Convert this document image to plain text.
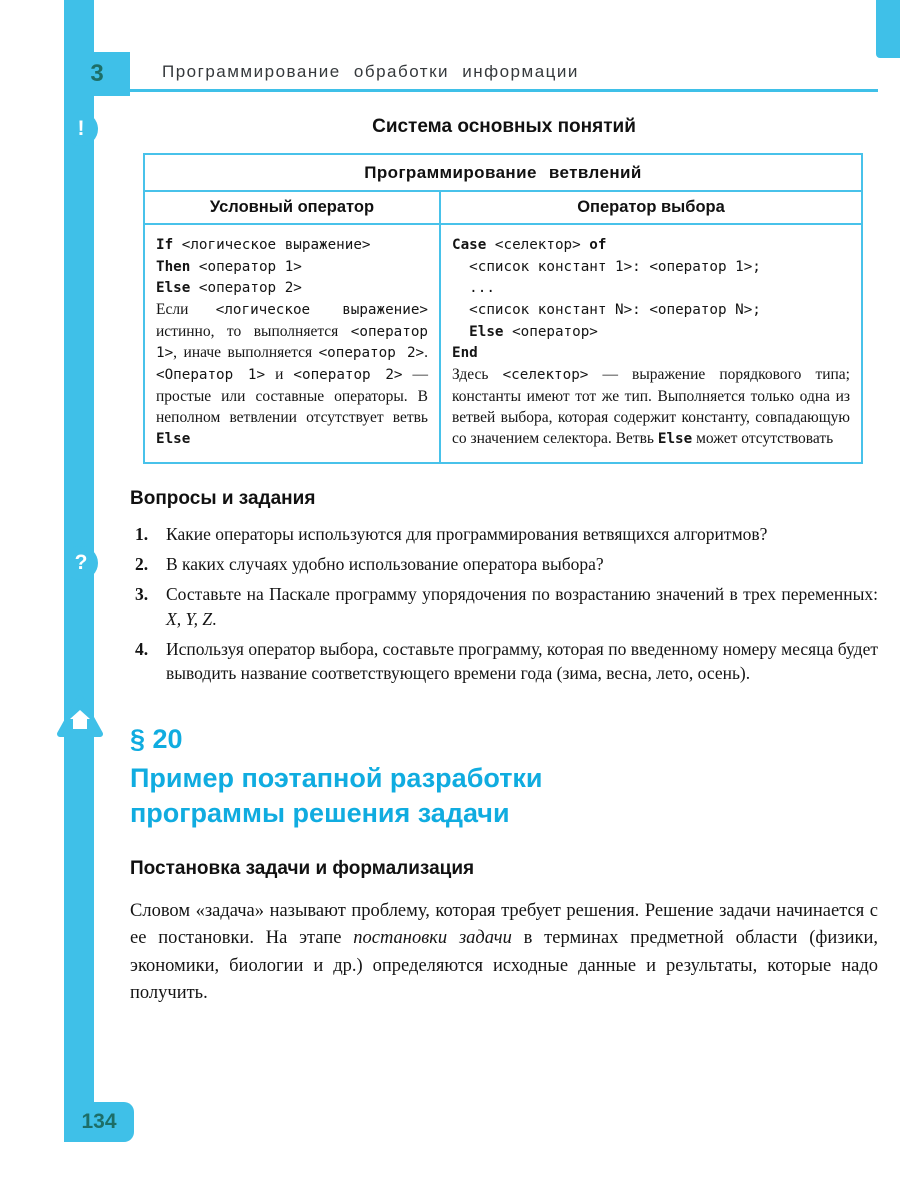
3	Программирование обработки информации
!
?
134
Система основных понятий
Программирование ветвлений	
Условный оператор	Оператор выбора
If <логическое выражение>
Then <оператор 1>
Else <оператор 2>
Если <логическое выражение> истинно, то выполняется <оператор 1>, иначе выполняется <оператор 2>. <Оператор 1> и <оператор 2> — простые или составные операторы. В неполном ветвлении отсутствует ветвь Else	Case <селектор> of
<список констант 1>: <оператор 1>;
...
<список констант N>: <оператор N>;
Else <оператор>
End
Здесь <селектор> — выражение порядкового типа; константы имеют тот же тип. Выполняется только одна из ветвей выбора, которая содержит константу, совпадающую со значением селектора. Ветвь Else может отсутствовать
Вопросы и задания
1. Какие операторы используются для программирования ветвящихся алгоритмов?
2. В каких случаях удобно использование оператора выбора?
3. Составьте на Паскале программу упорядочения по возрастанию значений в трех переменных: X, Y, Z.
4. Используя оператор выбора, составьте программу, которая по введенному номеру месяца будет выводить название соответствующего времени года (зима, весна, лето, осень).
§ 20
Пример поэтапной разработки
программы решения задачи
Постановка задачи и формализация

Словом «задача» называют проблему, которая требует решения. Решение задачи начинается с ее постановки. На этапе постановки задачи в терминах предметной области (физики, экономики, биологии и др.) определяются исходные данные и результаты, которые надо получить.
